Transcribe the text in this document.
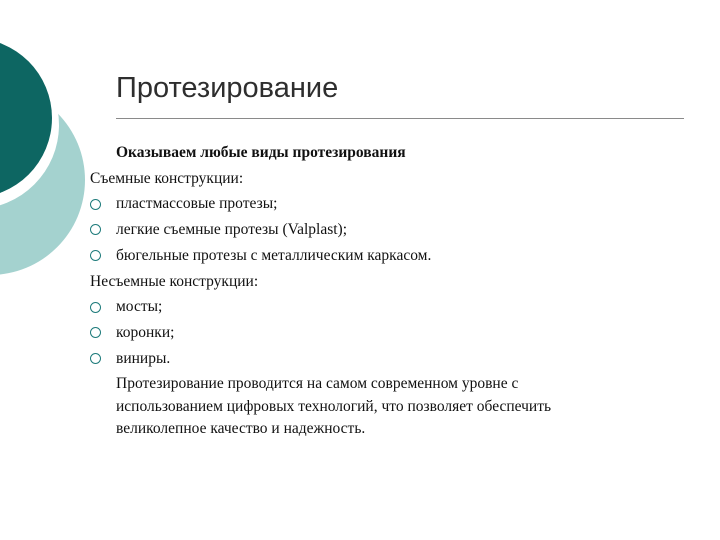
Протезирование
Оказываем любые виды протезирования
Съемные конструкции:
пластмассовые протезы;
легкие съемные протезы (Valplast);
бюгельные протезы с металлическим каркасом.
Несъемные конструкции:
мосты;
коронки;
виниры.
Протезирование проводится на самом современном уровне с
использованием цифровых технологий, что позволяет обеспечить
великолепное качество и надежность.
